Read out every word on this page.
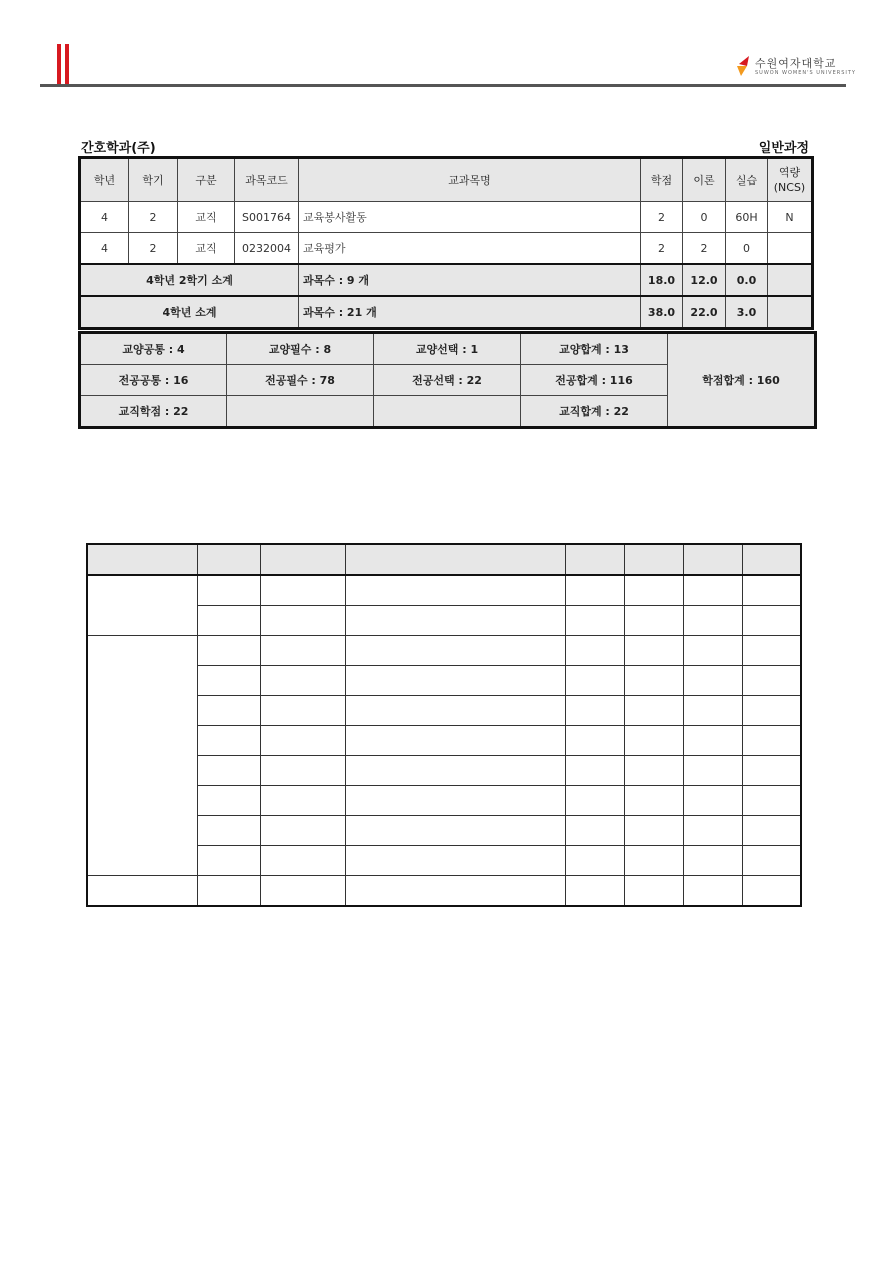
수원여자대학교
SUWON WOMEN'S UNIVERSITY
간호학과(주)	일반과정
학년	학기	구분	과목코드	교과목명	학점	이론	실습	역량
(NCS)
4	2	교직	S001764	교육봉사활동	2	0	60H	N
4	2	교직	0232004	교육평가	2	2	0	
4학년 2학기 소계				과목수 : 9 개	18.0	12.0	0.0	
4학년 소계				과목수 : 21 개	38.0	22.0	3.0	
교양공통 : 4	교양필수 : 8	교양선택 : 1	교양합계 : 13	학점합계 : 160
전공공통 : 16	전공필수 : 78	전공선택 : 22	전공합계 : 116	
교직학점 : 22			교직합계 : 22	
